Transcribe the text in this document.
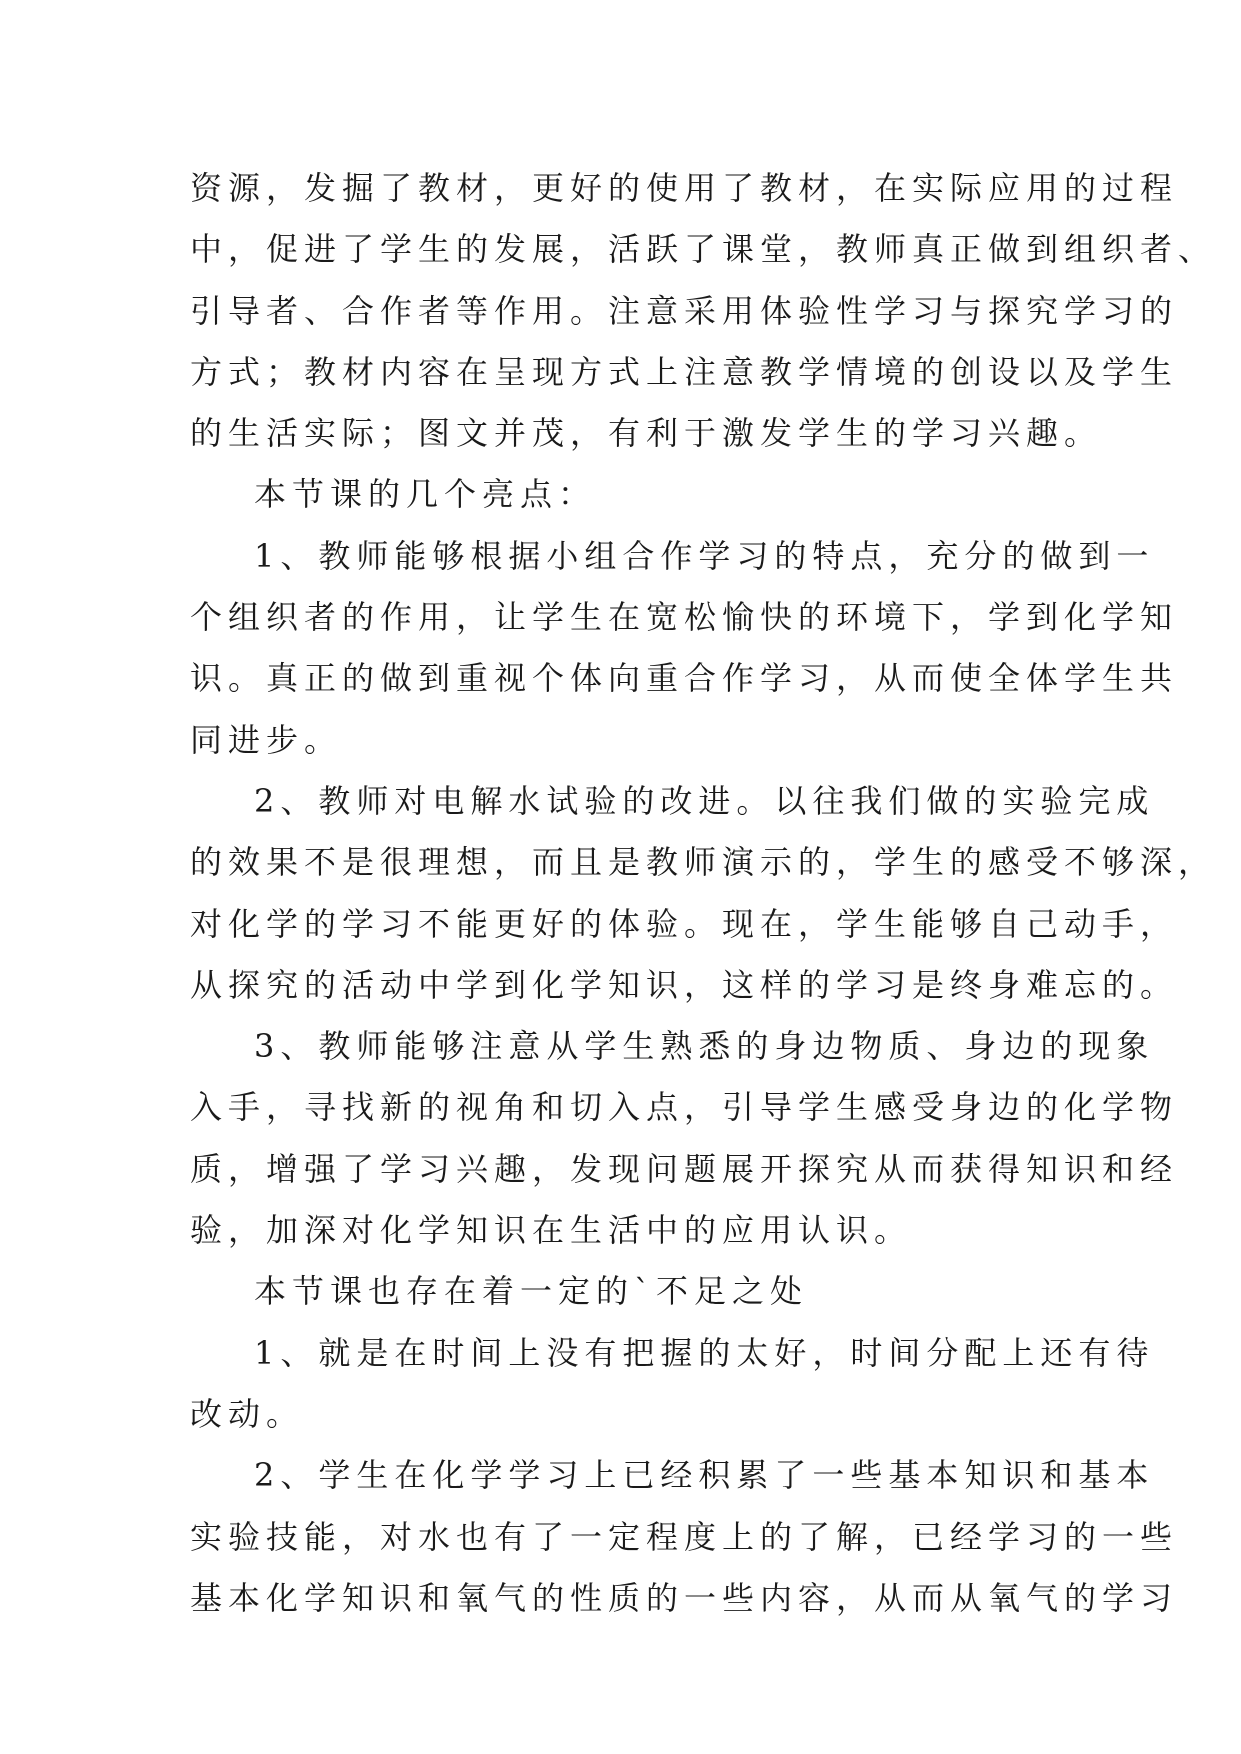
资源，发掘了教材，更好的使用了教材，在实际应用的过程
中，促进了学生的发展，活跃了课堂，教师真正做到组织者、
引导者、合作者等作用。注意采用体验性学习与探究学习的
方式；教材内容在呈现方式上注意教学情境的创设以及学生
的生活实际；图文并茂，有利于激发学生的学习兴趣。
本节课的几个亮点：
1、教师能够根据小组合作学习的特点，充分的做到一
个组织者的作用，让学生在宽松愉快的环境下，学到化学知
识。真正的做到重视个体向重合作学习，从而使全体学生共
同进步。
2、教师对电解水试验的改进。以往我们做的实验完成
的效果不是很理想，而且是教师演示的，学生的感受不够深，
对化学的学习不能更好的体验。现在，学生能够自己动手，
从探究的活动中学到化学知识，这样的学习是终身难忘的。
3、教师能够注意从学生熟悉的身边物质、身边的现象
入手，寻找新的视角和切入点，引导学生感受身边的化学物
质，增强了学习兴趣，发现问题展开探究从而获得知识和经
验，加深对化学知识在生活中的应用认识。
本节课也存在着一定的`不足之处
1、就是在时间上没有把握的太好，时间分配上还有待
改动。
2、学生在化学学习上已经积累了一些基本知识和基本
实验技能，对水也有了一定程度上的了解，已经学习的一些
基本化学知识和氧气的性质的一些内容，从而从氧气的学习
